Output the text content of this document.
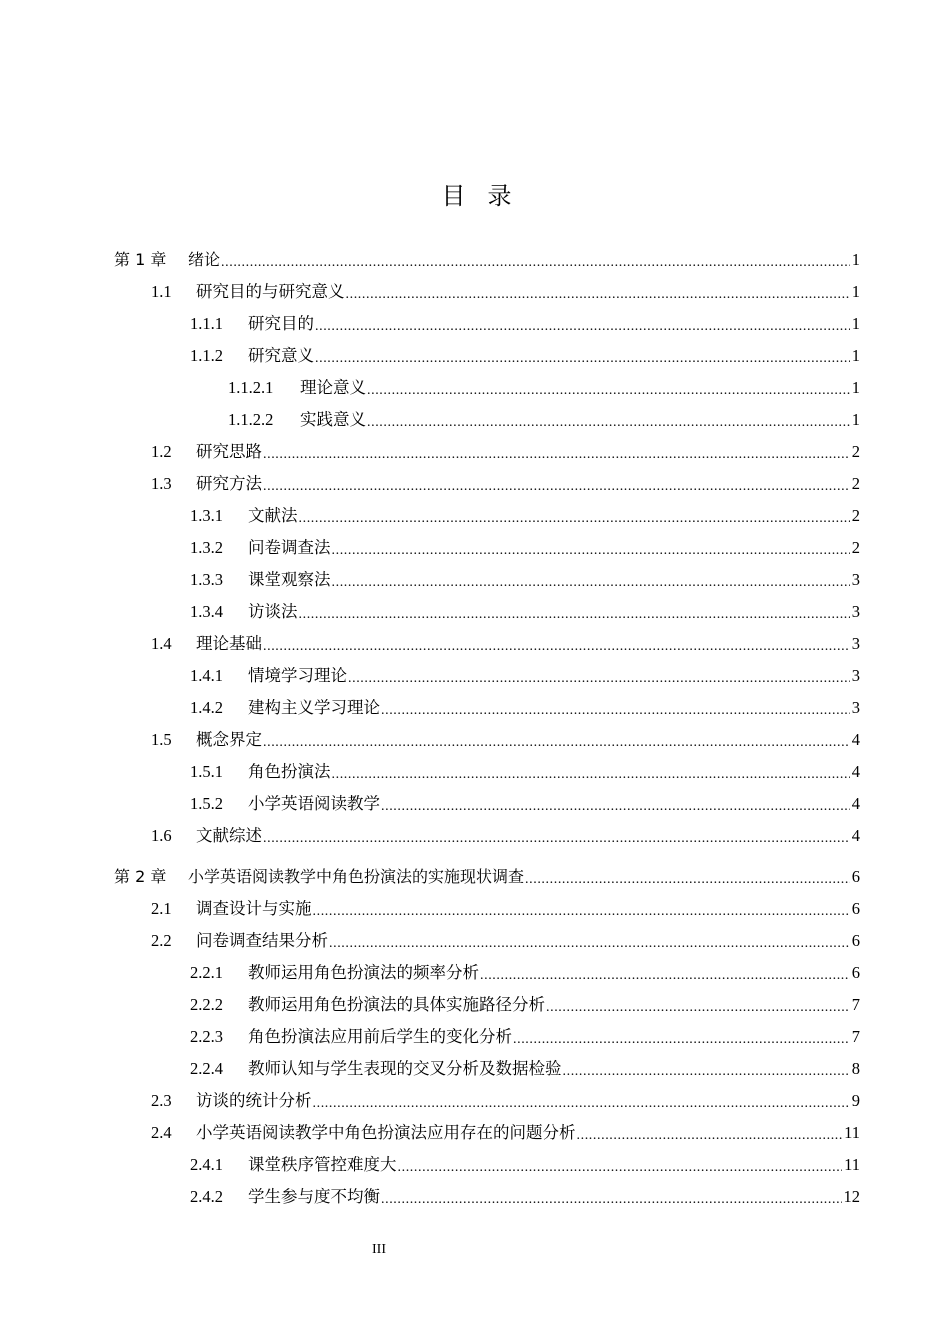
目录
第 1 章	绪论 .....	1
1.1	研究目的与研究意义 .....	1
1.1.1	研究目的 .....	1
1.1.2	研究意义 .....	1
1.1.2.1	理论意义 .....	1
1.1.2.2	实践意义 .....	1
1.2	研究思路 .....	2
1.3	研究方法 .....	2
1.3.1	文献法 .....	2
1.3.2	问卷调查法 .....	2
1.3.3	课堂观察法 .....	3
1.3.4	访谈法 .....	3
1.4	理论基础 .....	3
1.4.1	情境学习理论 .....	3
1.4.2	建构主义学习理论 .....	3
1.5	概念界定 .....	4
1.5.1	角色扮演法 .....	4
1.5.2	小学英语阅读教学 .....	4
1.6	文献综述 .....	4
第 2 章	小学英语阅读教学中角色扮演法的实施现状调查 .....	6
2.1	调查设计与实施 .....	6
2.2	问卷调查结果分析 .....	6
2.2.1	教师运用角色扮演法的频率分析 .....	6
2.2.2	教师运用角色扮演法的具体实施路径分析 .....	7
2.2.3	角色扮演法应用前后学生的变化分析 .....	7
2.2.4	教师认知与学生表现的交叉分析及数据检验 .....	8
2.3	访谈的统计分析 .....	9
2.4	小学英语阅读教学中角色扮演法应用存在的问题分析 .....	11
2.4.1	课堂秩序管控难度大 .....	11
2.4.2	学生参与度不均衡 .....	12
III
